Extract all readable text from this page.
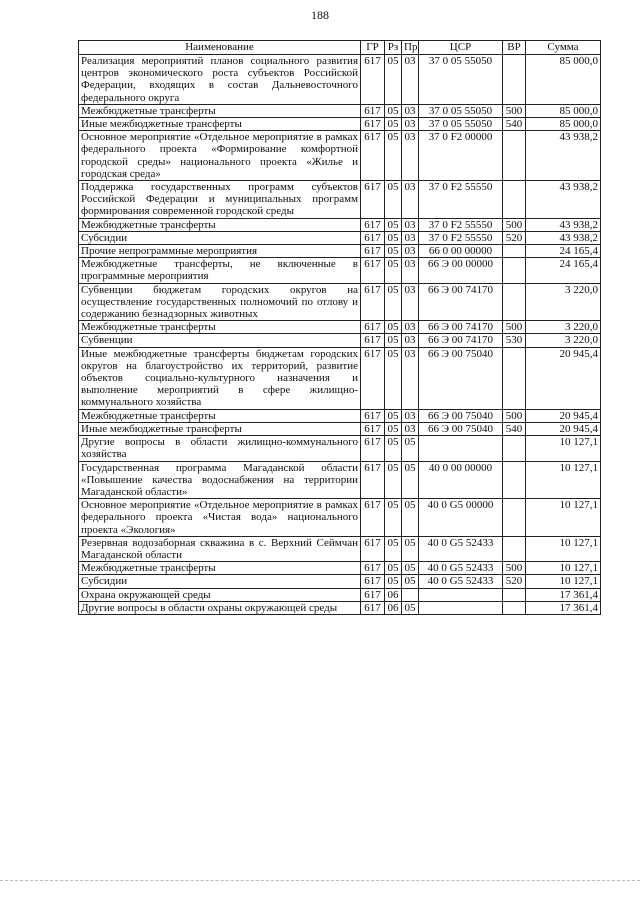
188
Наименование	ГР	Рз	Пр	ЦСР	ВР	Сумма
Реализация мероприятий планов социального развития центров экономического роста субъектов Российской Федерации, входящих в состав Дальневосточного федерального округа	617	05	03	37 0 05 55050		85 000,0
Межбюджетные трансферты	617	05	03	37 0 05 55050	500	85 000,0
Иные межбюджетные трансферты	617	05	03	37 0 05 55050	540	85 000,0
Основное мероприятие «Отдельное мероприятие в рамках федерального проекта «Формирование комфортной городской среды» национального проекта «Жилье и городская среда»	617	05	03	37 0 F2 00000		43 938,2
Поддержка государственных программ субъектов Российской Федерации и муниципальных программ формирования современной городской среды	617	05	03	37 0 F2 55550		43 938,2
Межбюджетные трансферты	617	05	03	37 0 F2 55550	500	43 938,2
Субсидии	617	05	03	37 0 F2 55550	520	43 938,2
Прочие непрограммные мероприятия	617	05	03	66 0 00 00000		24 165,4
Межбюджетные трансферты, не включенные в программные мероприятия	617	05	03	66 Э 00 00000		24 165,4
Субвенции бюджетам городских округов на осуществление государственных полномочий по отлову и содержанию безнадзорных животных	617	05	03	66 Э 00 74170		3 220,0
Межбюджетные трансферты	617	05	03	66 Э 00 74170	500	3 220,0
Субвенции	617	05	03	66 Э 00 74170	530	3 220,0
Иные межбюджетные трансферты бюджетам городских округов на благоустройство их территорий, развитие объектов социально-культурного назначения и выполнение мероприятий в сфере жилищно-коммунального хозяйства	617	05	03	66 Э 00 75040		20 945,4
Межбюджетные трансферты	617	05	03	66 Э 00 75040	500	20 945,4
Иные межбюджетные трансферты	617	05	03	66 Э 00 75040	540	20 945,4
Другие вопросы в области жилищно-коммунального хозяйства	617	05	05			10 127,1
Государственная программа Магаданской области «Повышение качества водоснабжения на территории Магаданской области»	617	05	05	40 0 00 00000		10 127,1
Основное мероприятие «Отдельное мероприятие в рамках федерального проекта «Чистая вода» национального проекта «Экология»	617	05	05	40 0 G5 00000		10 127,1
Резервная водозаборная скважина в с. Верхний Сеймчан Магаданской области	617	05	05	40 0 G5 52433		10 127,1
Межбюджетные трансферты	617	05	05	40 0 G5 52433	500	10 127,1
Субсидии	617	05	05	40 0 G5 52433	520	10 127,1
Охрана окружающей среды	617	06				17 361,4
Другие вопросы в области охраны окружающей среды	617	06	05			17 361,4
